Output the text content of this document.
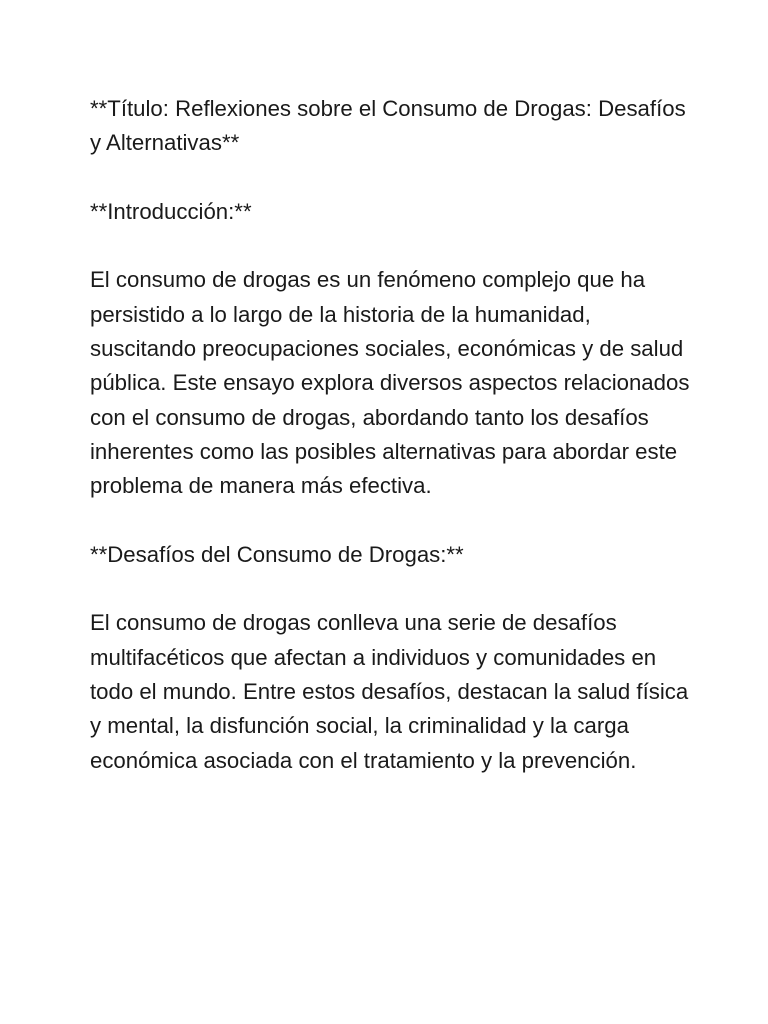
**Título: Reflexiones sobre el Consumo de Drogas: Desafíos y Alternativas**

**Introducción:**

El consumo de drogas es un fenómeno complejo que ha persistido a lo largo de la historia de la humanidad, suscitando preocupaciones sociales, económicas y de salud pública. Este ensayo explora diversos aspectos relacionados con el consumo de drogas, abordando tanto los desafíos inherentes como las posibles alternativas para abordar este problema de manera más efectiva.

**Desafíos del Consumo de Drogas:**

El consumo de drogas conlleva una serie de desafíos multifacéticos que afectan a individuos y comunidades en todo el mundo. Entre estos desafíos, destacan la salud física y mental, la disfunción social, la criminalidad y la carga económica asociada con el tratamiento y la prevención.
